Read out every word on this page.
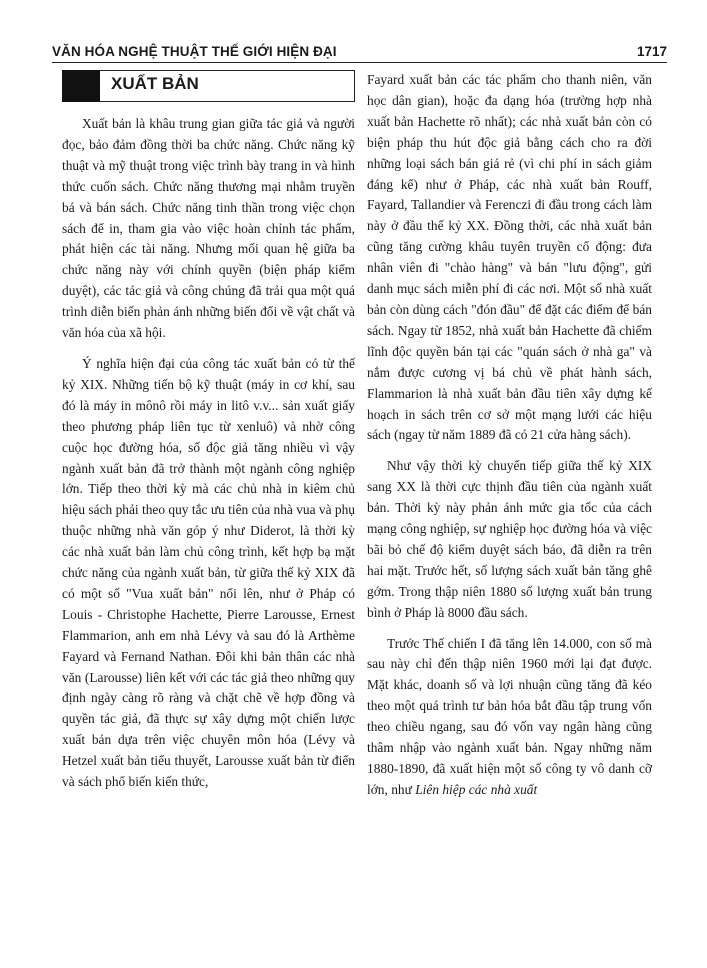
VĂN HÓA NGHỆ THUẬT THẾ GIỚI HIỆN ĐẠI	1717
XUẤT BẢN

Xuất bản là khâu trung gian giữa tác giả và người đọc, bảo đảm đồng thời ba chức năng. Chức năng kỹ thuật và mỹ thuật trong việc trình bày trang in và hình thức cuốn sách. Chức năng thương mại nhằm truyền bá và bán sách. Chức năng tinh thần trong việc chọn sách để in, tham gia vào việc hoàn chỉnh tác phẩm, phát hiện các tài năng. Nhưng mối quan hệ giữa ba chức năng này với chính quyền (biện pháp kiểm duyệt), các tác giả và công chúng đã trải qua một quá trình diễn biến phản ánh những biến đổi về vật chất và văn hóa của xã hội.

Ý nghĩa hiện đại của công tác xuất bản có từ thế kỷ XIX. Những tiến bộ kỹ thuật (máy in cơ khí, sau đó là máy in mônô rồi máy in litô v.v... sản xuất giấy theo phương pháp liên tục từ xenluô) và nhờ công cuộc học đường hóa, số độc giả tăng nhiều vì vậy ngành xuất bản đã trở thành một ngành công nghiệp lớn. Tiếp theo thời kỳ mà các chủ nhà in kiêm chủ hiệu sách phải theo quy tắc ưu tiên của nhà vua và phụ thuộc những nhà văn góp ý như Diderot, là thời kỳ các nhà xuất bản làm chủ công trình, kết hợp bạ mặt chức năng của ngành xuất bản, từ giữa thế kỷ XIX đã có một số "Vua xuất bản" nổi lên, như ở Pháp có Louis - Christophe Hachette, Pierre Larousse, Ernest Flammarion, anh em nhà Lévy và sau đó là Arthème Fayard và Fernand Nathan. Đôi khi bản thân các nhà văn (Larousse) liên kết với các tác giả theo những quy định ngày càng rõ ràng và chặt chẽ về hợp đồng và quyền tác giả, đã thực sự xây dựng một chiến lược xuất bản dựa trên việc chuyên môn hóa (Lévy và Hetzel xuất bản tiểu thuyết, Larousse xuất bản từ điển và sách phổ biến kiến thức,

Fayard xuất bản các tác phẩm cho thanh niên, văn học dân gian), hoặc đa dạng hóa (trường hợp nhà xuất bản Hachette rõ nhất); các nhà xuất bản còn có biện pháp thu hút độc giả bằng cách cho ra đời những loại sách bán giá rẻ (vì chi phí in sách giảm đáng kể) như ở Pháp, các nhà xuất bản Rouff, Fayard, Tallandier và Ferenczi đi đầu trong cách làm này ở đầu thế kỷ XX. Đồng thời, các nhà xuất bản cũng tăng cường khâu tuyên truyền cổ động: đưa nhân viên đi "chào hàng" và bán "lưu động", gửi danh mục sách miễn phí đi các nơi. Một số nhà xuất bản còn dùng cách "đón đầu" để đặt các điểm để bán sách. Ngay từ 1852, nhà xuất bản Hachette đã chiếm lĩnh độc quyền bán tại các "quán sách ở nhà ga" và nắm được cương vị bá chủ về phát hành sách, Flammarion là nhà xuất bản đầu tiên xây dựng kế hoạch in sách trên cơ sở một mạng lưới các hiệu sách (ngay từ năm 1889 đã có 21 cửa hàng sách).

Như vậy thời kỳ chuyển tiếp giữa thế kỷ XIX sang XX là thời cực thịnh đầu tiên của ngành xuất bản. Thời kỳ này phản ánh mức gia tốc của cách mạng công nghiệp, sự nghiệp học đường hóa và việc bãi bỏ chế độ kiểm duyệt sách báo, đã diễn ra trên hai mặt. Trước hết, số lượng sách xuất bản tăng ghê gớm. Trong thập niên 1880 số lượng xuất bản trung bình ở Pháp là 8000 đầu sách.

Trước Thế chiến I đã tăng lên 14.000, con số mà sau này chỉ đến thập niên 1960 mới lại đạt được. Mặt khác, doanh số và lợi nhuận cũng tăng đã kéo theo một quá trình tư bản hóa bắt đầu tập trung vốn theo chiều ngang, sau đó vốn vay ngân hàng cũng thâm nhập vào ngành xuất bản. Ngay những năm 1880-1890, đã xuất hiện một số công ty vô danh cỡ lớn, như Liên hiệp các nhà xuất
